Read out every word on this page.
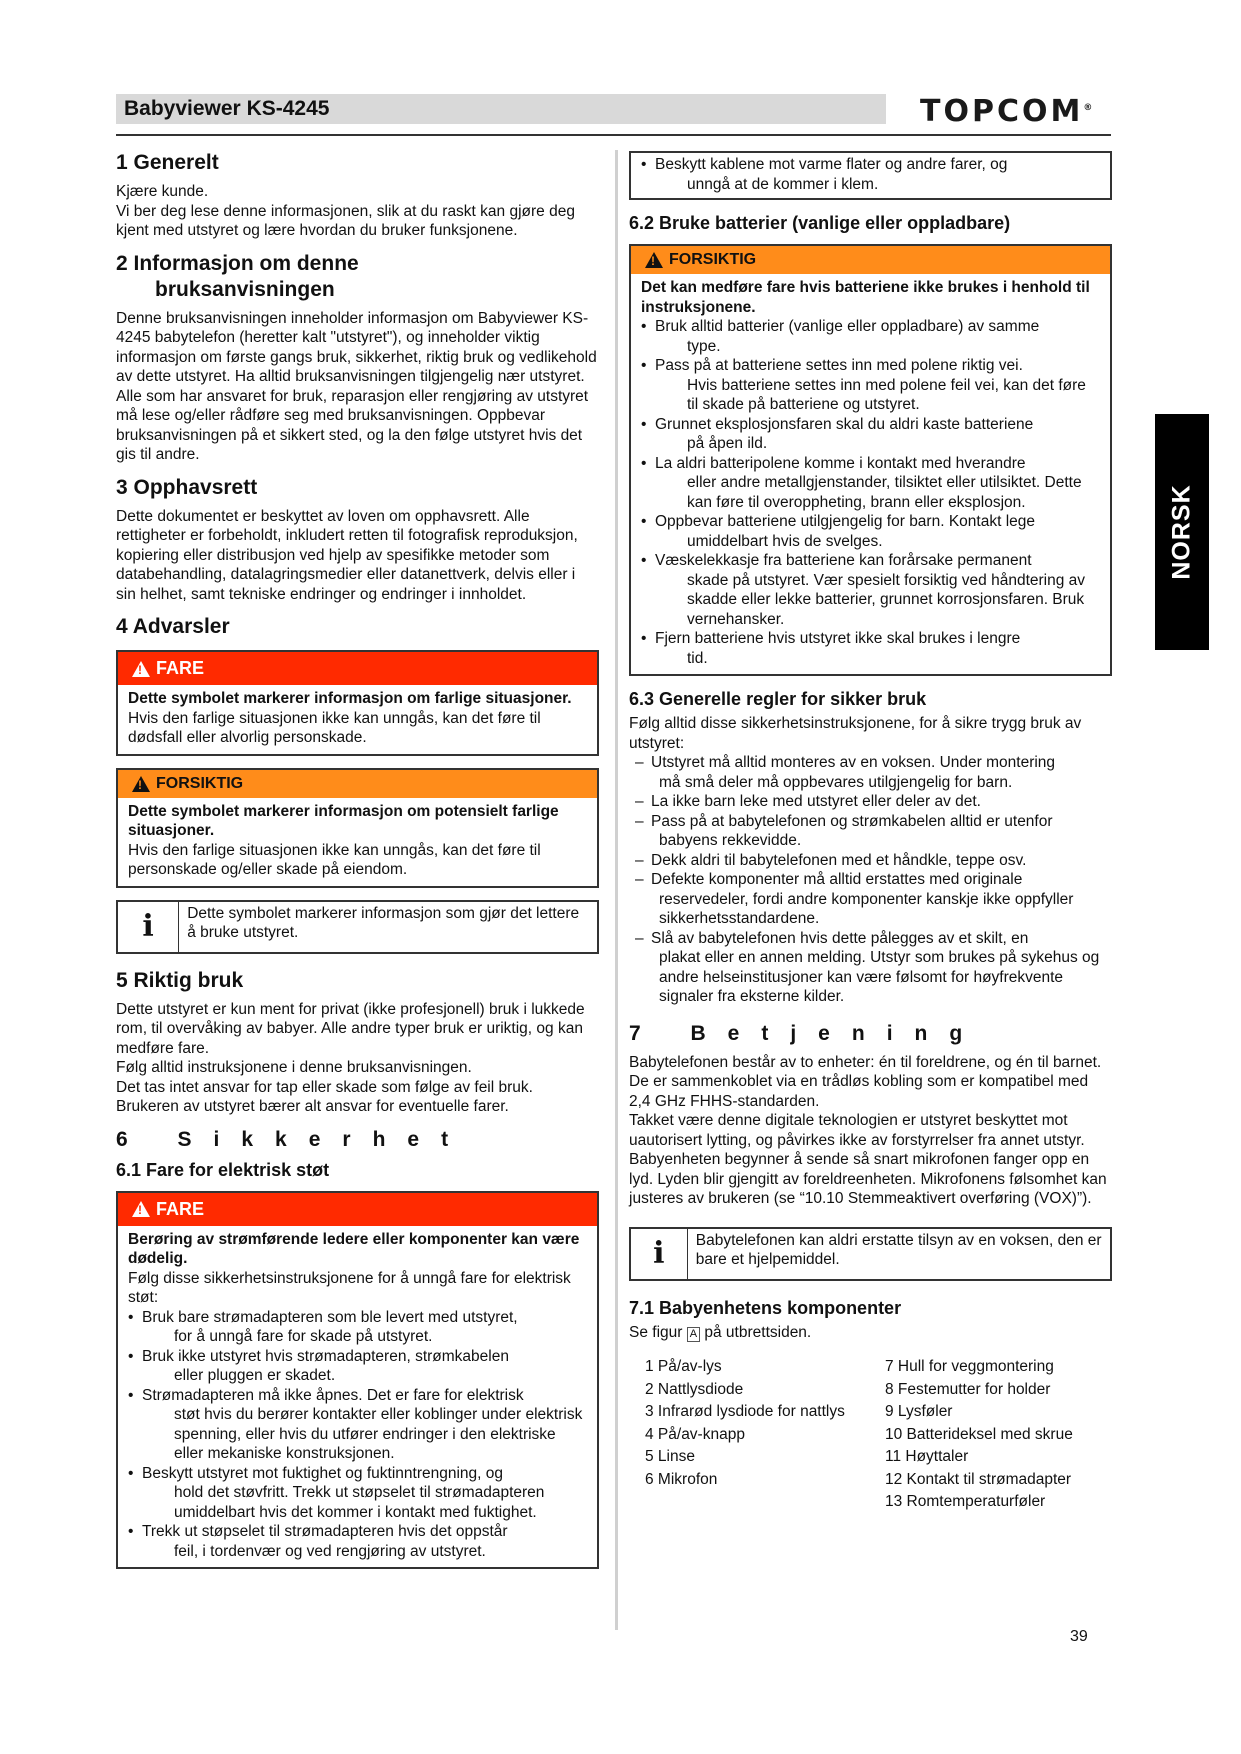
Babyviewer KS-4245	TOPCOM®
NORSK
1 Generelt

Kjære kunde.

Vi ber deg lese denne informasjonen, slik at du raskt kan gjøre deg kjent med utstyret og lære hvordan du bruker funksjonene.

2 Informasjon om denne
bruksanvisningen

Denne bruksanvisningen inneholder informasjon om Babyviewer KS-4245 babytelefon (heretter kalt "utstyret"), og inneholder viktig informasjon om første gangs bruk, sikkerhet, riktig bruk og vedlikehold av dette utstyret. Ha alltid bruksanvisningen tilgjengelig nær utstyret. Alle som har ansvaret for bruk, reparasjon eller rengjøring av utstyret må lese og/eller rådføre seg med bruksanvisningen. Oppbevar bruksanvisningen på et sikkert sted, og la den følge utstyret hvis det gis til andre.

3 Opphavsrett

Dette dokumentet er beskyttet av loven om opphavsrett. Alle rettigheter er forbeholdt, inkludert retten til fotografisk reproduksjon, kopiering eller distribusjon ved hjelp av spesifikke metoder som databehandling, datalagringsmedier eller datanettverk, delvis eller i sin helhet, samt tekniske endringer og endringer i innholdet.

4 Advarsler
!
FARE
Dette symbolet markerer informasjon om farlige situasjoner.
Hvis den farlige situasjonen ikke kan unngås, kan det føre til dødsfall eller alvorlig personskade.
!
FORSIKTIG
Dette symbolet markerer informasjon om potensielt farlige situasjoner.
Hvis den farlige situasjonen ikke kan unngås, kan det føre til personskade og/eller skade på eiendom.
i	Dette symbolet markerer informasjon som gjør det lettere å bruke utstyret.
5 Riktig bruk

Dette utstyret er kun ment for privat (ikke profesjonell) bruk i lukkede rom, til overvåking av babyer. Alle andre typer bruk er uriktig, og kan medføre fare.

Følg alltid instruksjonene i denne bruksanvisningen.

Det tas intet ansvar for tap eller skade som følge av feil bruk.

Brukeren av utstyret bærer alt ansvar for eventuelle farer.

6 Sikkerhet
6.1 Fare for elektrisk støt
!
FARE
Berøring av strømførende ledere eller komponenter kan være dødelig.
Følg disse sikkerhetsinstruksjonene for å unngå fare for elektrisk støt:
• Bruk bare strømadapteren som ble levert med utstyret,
for å unngå fare for skade på utstyret.
• Bruk ikke utstyret hvis strømadapteren, strømkabelen
eller pluggen er skadet.
• Strømadapteren må ikke åpnes. Det er fare for elektrisk
støt hvis du berører kontakter eller koblinger under elektrisk spenning, eller hvis du utfører endringer i den elektriske eller mekaniske konstruksjonen.
• Beskytt utstyret mot fuktighet og fuktinntrengning, og
hold det støvfritt. Trekk ut støpselet til strømadapteren umiddelbart hvis det kommer i kontakt med fuktighet.
• Trekk ut støpselet til strømadapteren hvis det oppstår
feil, i tordenvær og ved rengjøring av utstyret.
• Beskytt kablene mot varme flater og andre farer, og
unngå at de kommer i klem.
6.2 Bruke batterier (vanlige eller oppladbare)
!
FORSIKTIG
Det kan medføre fare hvis batteriene ikke brukes i henhold til instruksjonene.
• Bruk alltid batterier (vanlige eller oppladbare) av samme
type.
• Pass på at batteriene settes inn med polene riktig vei.
Hvis batteriene settes inn med polene feil vei, kan det føre til skade på batteriene og utstyret.
• Grunnet eksplosjonsfaren skal du aldri kaste batteriene
på åpen ild.
• La aldri batteripolene komme i kontakt med hverandre
eller andre metallgjenstander, tilsiktet eller utilsiktet. Dette kan føre til overoppheting, brann eller eksplosjon.
• Oppbevar batteriene utilgjengelig for barn. Kontakt lege
umiddelbart hvis de svelges.
• Væskelekkasje fra batteriene kan forårsake permanent
skade på utstyret. Vær spesielt forsiktig ved håndtering av skadde eller lekke batterier, grunnet korrosjonsfaren. Bruk vernehansker.
• Fjern batteriene hvis utstyret ikke skal brukes i lengre
tid.
6.3 Generelle regler for sikker bruk

Følg alltid disse sikkerhetsinstruksjonene, for å sikre trygg bruk av utstyret:

– Utstyret må alltid monteres av en voksen. Under montering
må små deler må oppbevares utilgjengelig for barn.
– La ikke barn leke med utstyret eller deler av det.
– Pass på at babytelefonen og strømkabelen alltid er utenfor
babyens rekkevidde.
– Dekk aldri til babytelefonen med et håndkle, teppe osv.
– Defekte komponenter må alltid erstattes med originale
reservedeler, fordi andre komponenter kanskje ikke oppfyller sikkerhetsstandardene.
– Slå av babytelefonen hvis dette pålegges av et skilt, en
plakat eller en annen melding. Utstyr som brukes på sykehus og andre helseinstitusjoner kan være følsomt for høyfrekvente signaler fra eksterne kilder.
7 Betjening

Babytelefonen består av to enheter: én til foreldrene, og én til barnet. De er sammenkoblet via en trådløs kobling som er kompatibel med 2,4 GHz FHHS-standarden.

Takket være denne digitale teknologien er utstyret beskyttet mot uautorisert lytting, og påvirkes ikke av forstyrrelser fra annet utstyr.

Babyenheten begynner å sende så snart mikrofonen fanger opp en lyd. Lyden blir gjengitt av foreldreenheten. Mikrofonens følsomhet kan justeres av brukeren (se “10.10 Stemmeaktivert overføring (VOX)”).

i	Babytelefonen kan aldri erstatte tilsyn av en voksen, den er bare et hjelpemiddel.
7.1 Babyenhetens komponenter

Se figur A på utbrettsiden.

1 På/av-lys	7 Hull for veggmontering
2 Nattlysdiode	8 Festemutter for holder
3 Infrarød lysdiode for nattlys	9 Lysføler
4 På/av-knapp	10 Batterideksel med skrue
5 Linse	11 Høyttaler
6 Mikrofon	12 Kontakt til strømadapter
13 Romtemperaturføler
39
